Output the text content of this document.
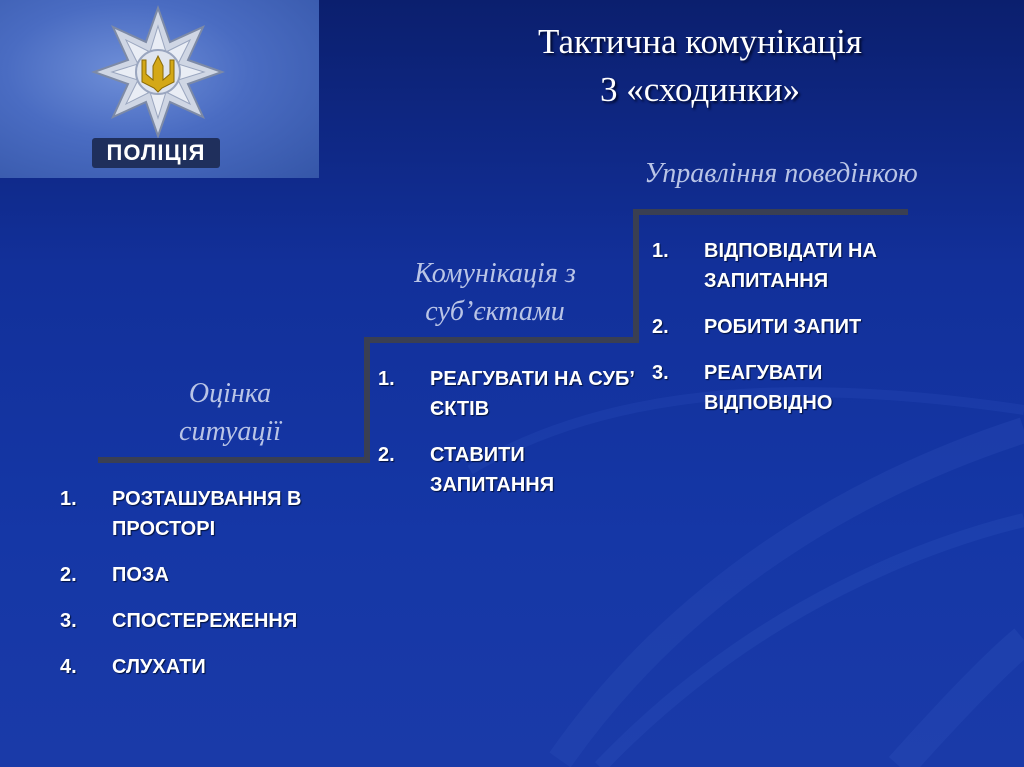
ПОЛІЦІЯ
Тактична комунікація
3 «сходинки»
Оцінка
ситуації
1. РОЗТАШУВАННЯ В ПРОСТОРІ
2. ПОЗА
3. СПОСТЕРЕЖЕННЯ
4. СЛУХАТИ
Комунікація з
суб’єктами
1. РЕАГУВАТИ НА СУБ’ ЄКТІВ
2. СТАВИТИ ЗАПИТАННЯ
Управління поведінкою
1. ВІДПОВІДАТИ НА ЗАПИТАННЯ
2. РОБИТИ ЗАПИТ
3. РЕАГУВАТИ ВІДПОВІДНО
